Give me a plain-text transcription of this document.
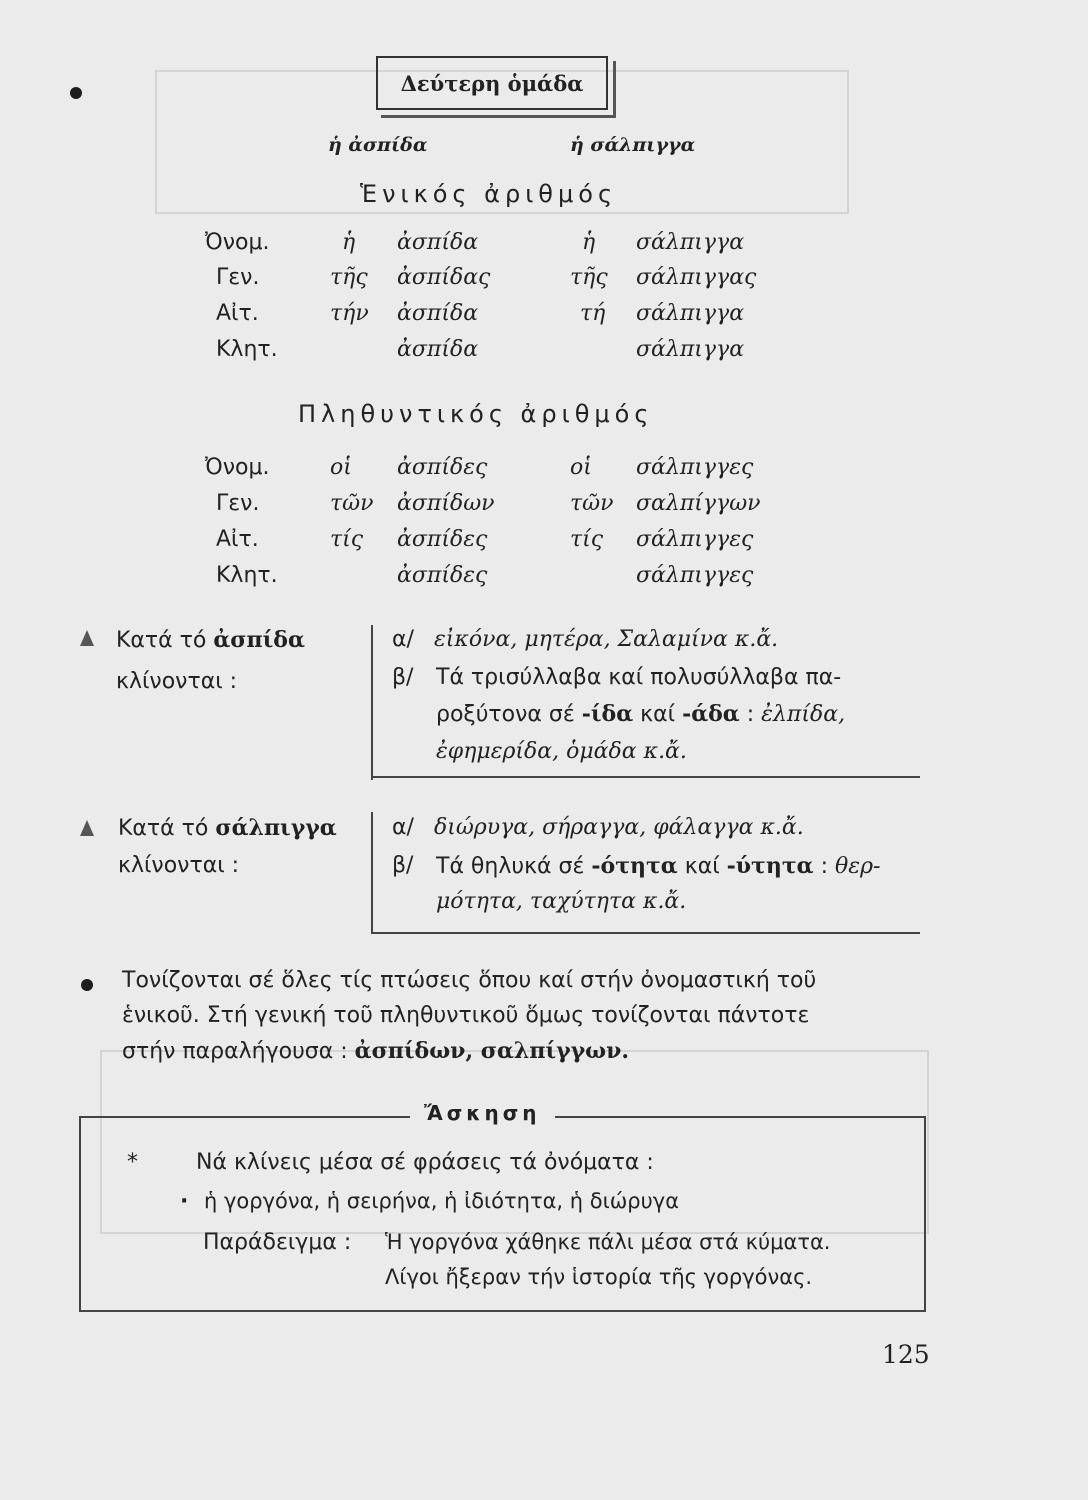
Δεύτερη ὁμάδα
ἡ ἀσπίδα	ἡ σάλπιγγα
Ἑνικός ἀριθμός
Ὀνομ.	ἡ ἀσπίδα	ἡ σάλπιγγα
Γεν.	τῆς ἀσπίδας	τῆς σάλπιγγας
Αἰτ.	τήν ἀσπίδα	τή σάλπιγγα
Κλητ.	ἀσπίδα	σάλπιγγα
Πληθυντικός ἀριθμός
Ὀνομ.	οἱ ἀσπίδες	οἱ σάλπιγγες
Γεν.	τῶν ἀσπίδων	τῶν σαλπίγγων
Αἰτ.	τίς ἀσπίδες	τίς σάλπιγγες
Κλητ.	ἀσπίδες	σάλπιγγες
Κατά τό ἀσπίδα
κλίνονται :
α/ εἰκόνα, μητέρα, Σαλαμίνα κ.ἄ.
β/ Τά τρισύλλαβα καί πολυσύλλαβα πα-
ροξύτονα σέ -ίδα καί -άδα : ἐλπίδα,
ἐφημερίδα, ὁμάδα κ.ἄ.
Κατά τό σάλπιγγα
κλίνονται :
α/ διώρυγα, σήραγγα, φάλαγγα κ.ἄ.
β/ Τά θηλυκά σέ -ότητα καί -ύτητα : θερ-
μότητα, ταχύτητα κ.ἄ.
Τονίζονται σέ ὅλες τίς πτώσεις ὅπου καί στήν ὀνομαστική τοῦ
ἑνικοῦ. Στή γενική τοῦ πληθυντικοῦ ὅμως τονίζονται πάντοτε
στήν παραλήγουσα : ἀσπίδων, σαλπίγγων.
Ἄσκηση
*	Νά κλίνεις μέσα σέ φράσεις τά ὀνόματα :
· ἡ γοργόνα, ἡ σειρήνα, ἡ ἰδιότητα, ἡ διώρυγα
Παράδειγμα : Ἡ γοργόνα χάθηκε πάλι μέσα στά κύματα.
Λίγοι ἤξεραν τήν ἱστορία τῆς γοργόνας.
125
